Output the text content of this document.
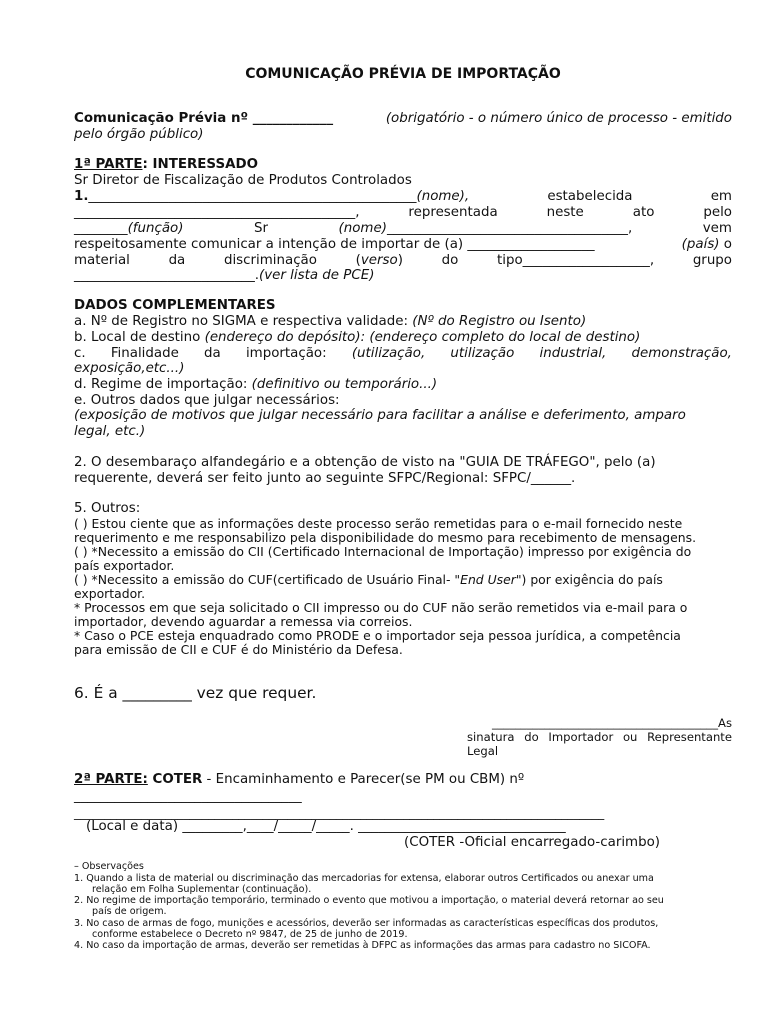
COMUNICAÇÃO PRÉVIA DE IMPORTAÇÃO
Comunicação Prévia nº ____________	(obrigatório - o número único de processo - emitido
pelo órgão público)
1ª PARTE: INTERESSADO
Sr Diretor de Fiscalização de Produtos Controlados
1._________________________________________________(nome),	estabelecida	em
__________________________________________,	representada	neste	ato	pelo
________(função)	Sr	(nome)____________________________________,	vem
respeitosamente comunicar a intenção de importar de (a) ___________________	(país) o
material	da	discriminação	(verso)	do	tipo___________________,	grupo
___________________________.(ver lista de PCE)
DADOS COMPLEMENTARES
a. Nº de Registro no SIGMA e respectiva validade: (Nº do Registro ou Isento)
b. Local de destino (endereço do depósito): (endereço completo do local de destino)
c. Finalidade da importação: (utilização, utilização industrial, demonstração,
exposição,etc...)
d. Regime de importação: (definitivo ou temporário...)
e. Outros dados que julgar necessários:
(exposição de motivos que julgar necessário para facilitar a análise e deferimento, amparo
legal, etc.)
2. O desembaraço alfandegário e a obtenção de visto na "GUIA DE TRÁFEGO", pelo (a)
requerente, deverá ser feito junto ao seguinte SFPC/Regional: SFPC/______.
5. Outros:
( ) Estou ciente que as informações deste processo serão remetidas para o e-mail fornecido neste
requerimento e me responsabilizo pela disponibilidade do mesmo para recebimento de mensagens.
( ) *Necessito a emissão do CII (Certificado Internacional de Importação) impresso por exigência do
país exportador.
( ) *Necessito a emissão do CUF(certificado de Usuário Final- "End User") por exigência do país
exportador.
* Processos em que seja solicitado o CII impresso ou do CUF não serão remetidos via e-mail para o
importador, devendo aguardar a remessa via correios.
* Caso o PCE esteja enquadrado como PRODE e o importador seja pessoa jurídica, a competência
para emissão de CII e CUF é do Ministério da Defesa.
6. É a _________ vez que requer.
_______________________________________As
sinatura do Importador ou Representante
Legal
2ª PARTE: COTER - Encaminhamento e Parecer(se PM ou CBM) nº
__________________________________
_______________________________________________________________________________________
(Local e data) _________,____/_____/_____. _______________________________
(COTER -Oficial encarregado-carimbo)
– Observações
1. Quando a lista de material ou discriminação das mercadorias for extensa, elaborar outros Certificados ou anexar uma
relação em Folha Suplementar (continuação).
2. No regime de importação temporário, terminado o evento que motivou a importação, o material deverá retornar ao seu
país de origem.
3. No caso de armas de fogo, munições e acessórios, deverão ser informadas as características específicas dos produtos,
conforme estabelece o Decreto nº 9847, de 25 de junho de 2019.
4. No caso da importação de armas, deverão ser remetidas à DFPC as informações das armas para cadastro no SICOFA.
